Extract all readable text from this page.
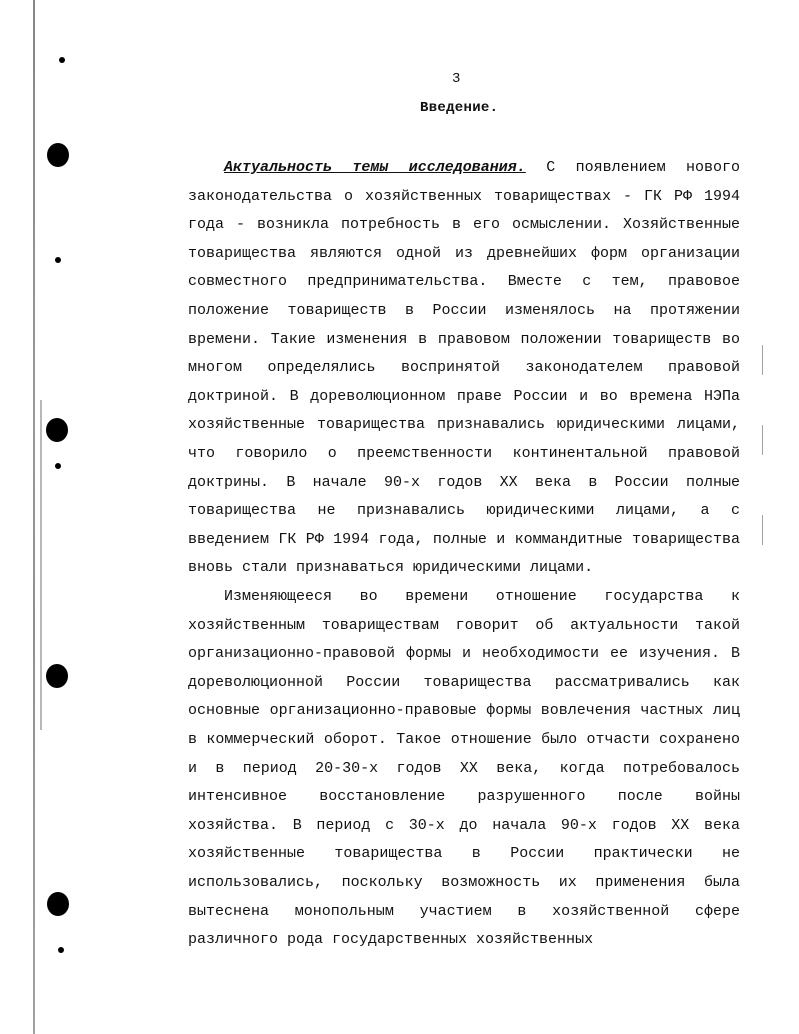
3
Введение.
Актуальность темы исследования. С появлением нового законодательства о хозяйственных товариществах - ГК РФ 1994 года - возникла потребность в его осмыслении. Хозяйственные товарищества являются одной из древнейших форм организации совместного предпринимательства. Вместе с тем, правовое положение товариществ в России изменялось на протяжении времени. Такие изменения в правовом положении товариществ во многом определялись воспринятой законодателем правовой доктриной. В дореволюционном праве России и во времена НЭПа хозяйственные товарищества признавались юридическими лицами, что говорило о преемственности континентальной правовой доктрины. В начале 90-х годов XX века в России полные товарищества не признавались юридическими лицами, а с введением ГК РФ 1994 года, полные и коммандитные товарищества вновь стали признаваться юридическими лицами.
Изменяющееся во времени отношение государства к хозяйственным товариществам говорит об актуальности такой организационно-правовой формы и необходимости ее изучения. В дореволюционной России товарищества рассматривались как основные организационно-правовые формы вовлечения частных лиц в коммерческий оборот. Такое отношение было отчасти сохранено и в период 20-30-х годов XX века, когда потребовалось интенсивное восстановление разрушенного после войны хозяйства. В период с 30-х до начала 90-х годов XX века хозяйственные товарищества в России практически не использовались, поскольку возможность их применения была вытеснена монопольным участием в хозяйственной сфере различного рода государственных хозяйственных
